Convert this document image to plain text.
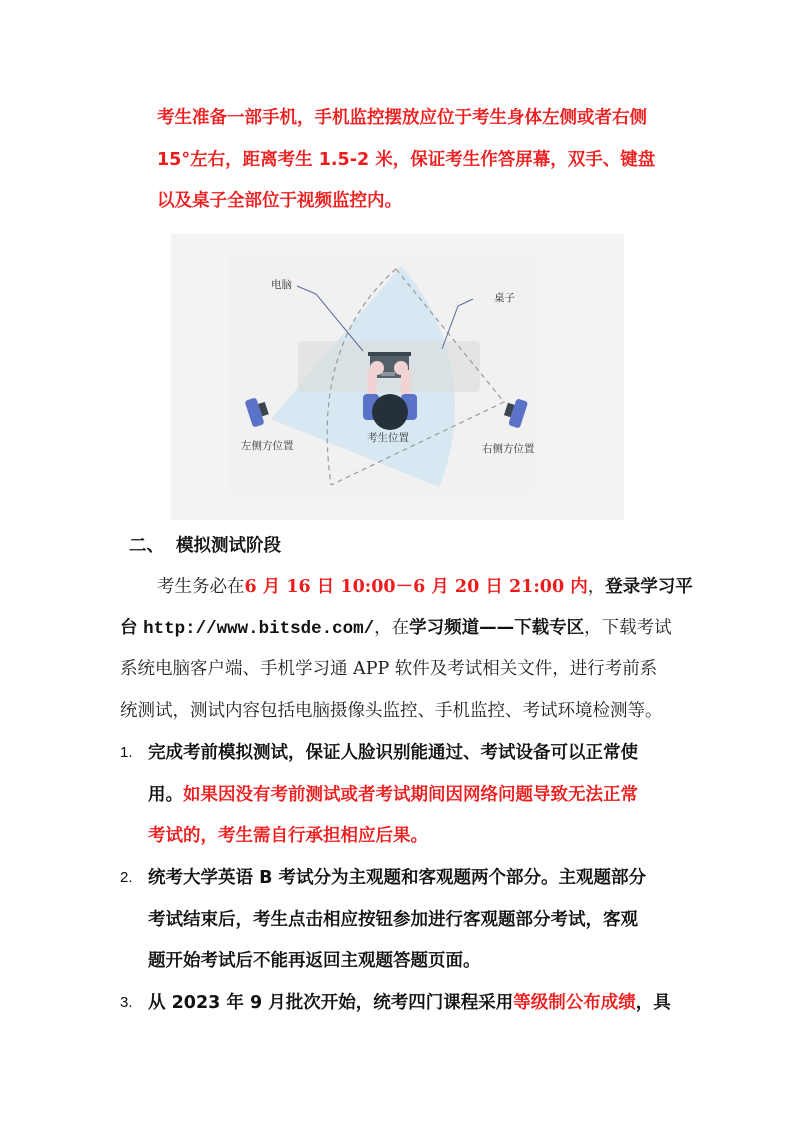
考生准备一部手机，手机监控摆放应位于考生身体左侧或者右侧
15°左右，距离考生 1.5-2 米，保证考生作答屏幕，双手、键盘
以及桌子全部位于视频监控内。
电脑
桌子
左侧方位置
考生位置
右侧方位置
二、 模拟测试阶段
考生务必在6 月 16 日 10:00－6 月 20 日 21:00 内，登录学习平
台 http://www.bitsde.com/，在学习频道——下载专区，下载考试
系统电脑客户端、手机学习通 APP 软件及考试相关文件，进行考前系
统测试，测试内容包括电脑摄像头监控、手机监控、考试环境检测等。
1. 完成考前模拟测试，保证人脸识别能通过、考试设备可以正常使
用。如果因没有考前测试或者考试期间因网络问题导致无法正常
考试的，考生需自行承担相应后果。
2. 统考大学英语 B 考试分为主观题和客观题两个部分。主观题部分
考试结束后，考生点击相应按钮参加进行客观题部分考试，客观
题开始考试后不能再返回主观题答题页面。
3. 从 2023 年 9 月批次开始，统考四门课程采用等级制公布成绩，具
